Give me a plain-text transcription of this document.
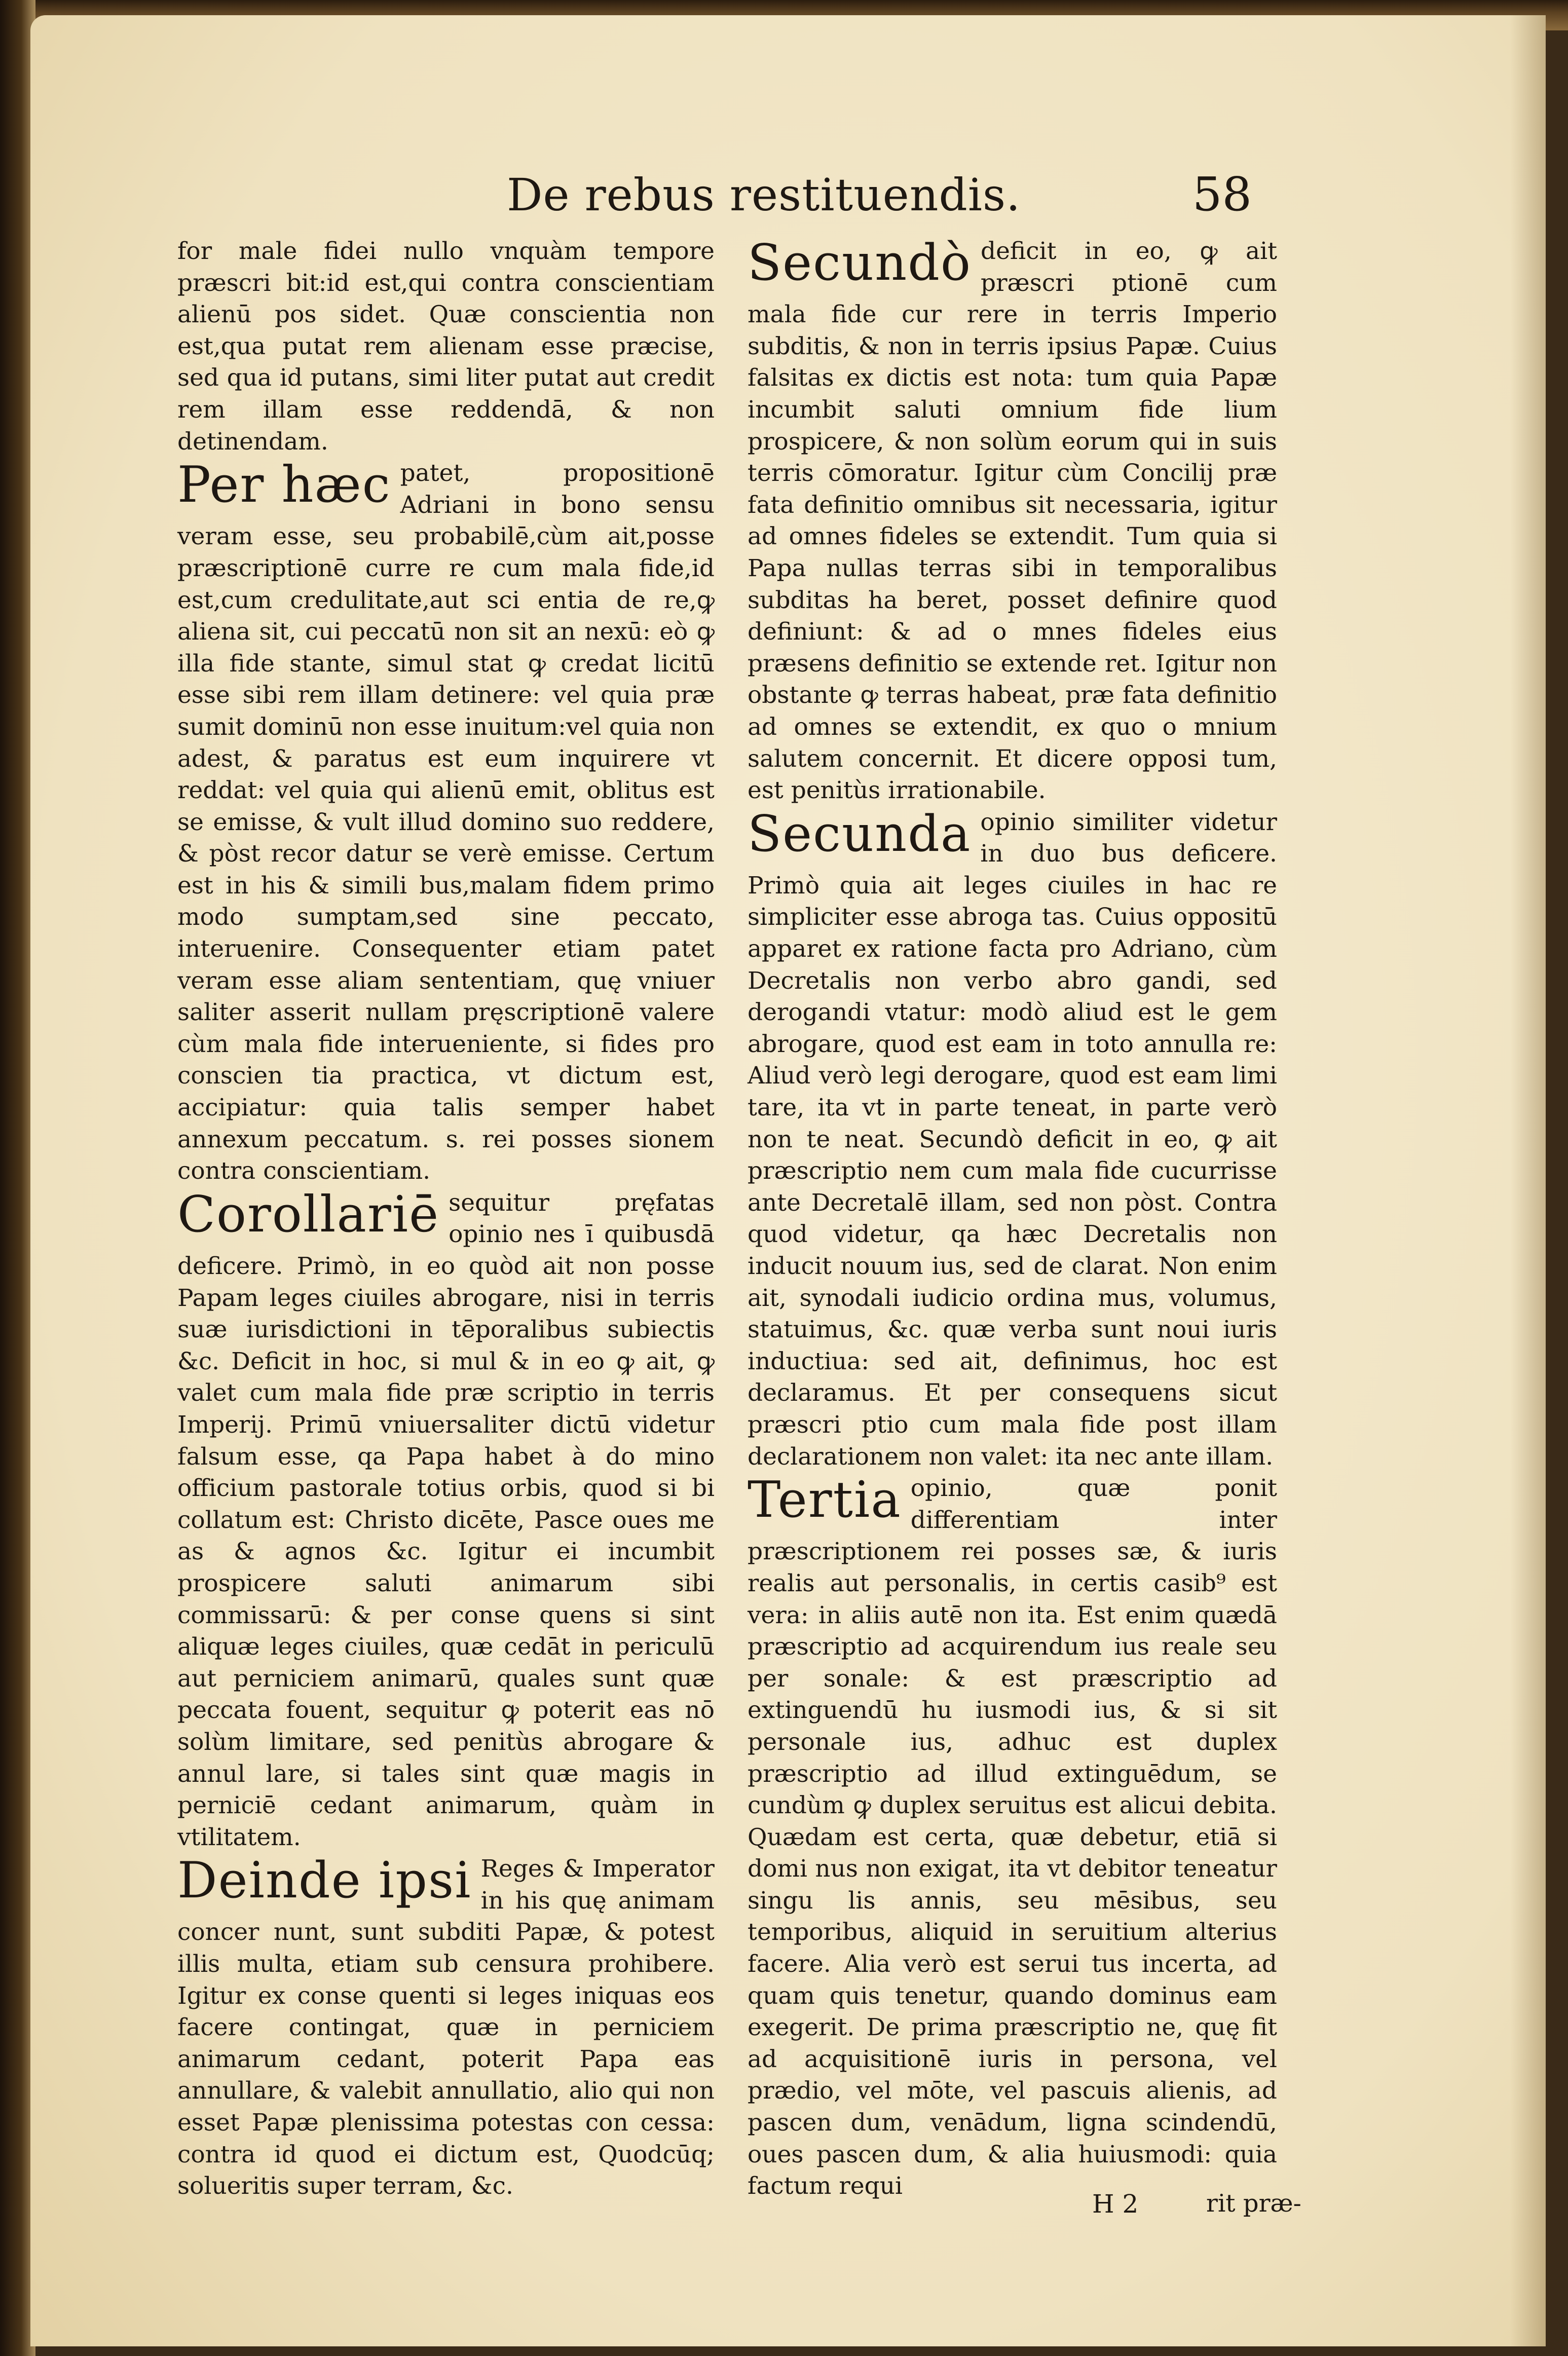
De rebus restituendis.	58

for male fidei nullo vnquàm tempore præscri bit:id est,qui contra conscientiam alienū pos sidet. Quæ conscientia non est,qua putat rem alienam esse præcise, sed qua id putans, simi liter putat aut credit rem illam esse reddendā, & non detinendam.

Per hæc patet, propositionē Adriani in bono sensu veram esse, seu probabilē,cùm ait,posse præscriptionē curre re cum mala fide,id est,cum credulitate,aut sci entia de re,ꝙ aliena sit, cui peccatū non sit an nexū: eò ꝙ illa fide stante, simul stat ꝙ credat licitū esse sibi rem illam detinere: vel quia præ sumit dominū non esse inuitum:vel quia non adest, & paratus est eum inquirere vt reddat: vel quia qui alienū emit, oblitus est se emisse, & vult illud domino suo reddere, & pòst recor datur se verè emisse. Certum est in his & simili bus,malam fidem primo modo sumptam,sed sine peccato, interuenire. Consequenter etiam patet veram esse aliam sententiam, quę vniuer saliter asserit nullam pręscriptionē valere cùm mala fide interueniente, si fides pro conscien tia practica, vt dictum est, accipiatur: quia talis semper habet annexum peccatum. s. rei posses sionem contra conscientiam.
Corollariē sequitur pręfatas opinio nes ī quibusdā deficere. Primò, in eo quòd ait non posse Papam leges ciuiles abrogare, nisi in terris suæ iurisdictioni in tēporalibus subiectis &c. Deficit in hoc, si mul & in eo ꝙ ait, ꝙ valet cum mala fide præ scriptio in terris Imperij. Primū vniuersaliter dictū videtur falsum esse, qa Papa habet à do mino officium pastorale totius orbis, quod si bi collatum est: Christo dicēte, Pasce oues me as & agnos &c. Igitur ei incumbit prospicere saluti animarum sibi commissarū: & per conse quens si sint aliquæ leges ciuiles, quæ cedāt in periculū aut perniciem animarū, quales sunt quæ peccata fouent, sequitur ꝙ poterit eas nō solùm limitare, sed penitùs abrogare & annul lare, si tales sint quæ magis in perniciē cedant animarum, quàm in vtilitatem.
Deinde ipsi Reges & Imperator in his quę animam concer nunt, sunt subditi Papæ, & potest illis multa, etiam sub censura prohibere. Igitur ex conse quenti si leges iniquas eos facere contingat, quæ in perniciem animarum cedant, poterit Papa eas annullare, & valebit annullatio, alio qui non esset Papæ plenissima potestas con cessa: contra id quod ei dictum est, Quodcūq; solueritis super terram, &c.
Secundò deficit in eo, ꝙ ait præscri ptionē cum mala fide cur rere in terris Imperio subditis, & non in terris ipsius Papæ. Cuius falsitas ex dictis est nota: tum quia Papæ incumbit saluti omnium fide lium prospicere, & non solùm eorum qui in suis terris cōmoratur. Igitur cùm Concilij præ fata definitio omnibus sit necessaria, igitur ad omnes fideles se extendit. Tum quia si Papa nullas terras sibi in temporalibus subditas ha beret, posset definire quod definiunt: & ad o mnes fideles eius præsens definitio se extende ret. Igitur non obstante ꝙ terras habeat, præ fata definitio ad omnes se extendit, ex quo o mnium salutem concernit. Et dicere opposi tum, est penitùs irrationabile.
Secunda opinio similiter videtur in duo bus deficere. Primò quia ait leges ciuiles in hac re simpliciter esse abroga tas. Cuius oppositū apparet ex ratione facta pro Adriano, cùm Decretalis non verbo abro gandi, sed derogandi vtatur: modò aliud est le gem abrogare, quod est eam in toto annulla re: Aliud verò legi derogare, quod est eam limi tare, ita vt in parte teneat, in parte verò non te neat. Secundò deficit in eo, ꝙ ait præscriptio nem cum mala fide cucurrisse ante Decretalē illam, sed non pòst. Contra quod videtur, qa hæc Decretalis non inducit nouum ius, sed de clarat. Non enim ait, synodali iudicio ordina mus, volumus, statuimus, &c. quæ verba sunt noui iuris inductiua: sed ait, definimus, hoc est declaramus. Et per consequens sicut præscri ptio cum mala fide post illam declarationem non valet: ita nec ante illam.
Tertia opinio, quæ ponit differentiam inter præscriptionem rei posses sæ, & iuris realis aut personalis, in certis casib⁹ est vera: in aliis autē non ita. Est enim quædā præscriptio ad acquirendum ius reale seu per sonale: & est præscriptio ad extinguendū hu iusmodi ius, & si sit personale ius, adhuc est duplex præscriptio ad illud extinguēdum, se cundùm ꝙ duplex seruitus est alicui debita. Quædam est certa, quæ debetur, etiā si domi nus non exigat, ita vt debitor teneatur singu lis annis, seu mēsibus, seu temporibus, aliquid in seruitium alterius facere. Alia verò est serui tus incerta, ad quam quis tenetur, quando dominus eam exegerit. De prima præscriptio ne, quę fit ad acquisitionē iuris in persona, vel prædio, vel mōte, vel pascuis alienis, ad pascen dum, venādum, ligna scindendū, oues pascen dum, & alia huiusmodi: quia factum requi
H 2	rit præ-
